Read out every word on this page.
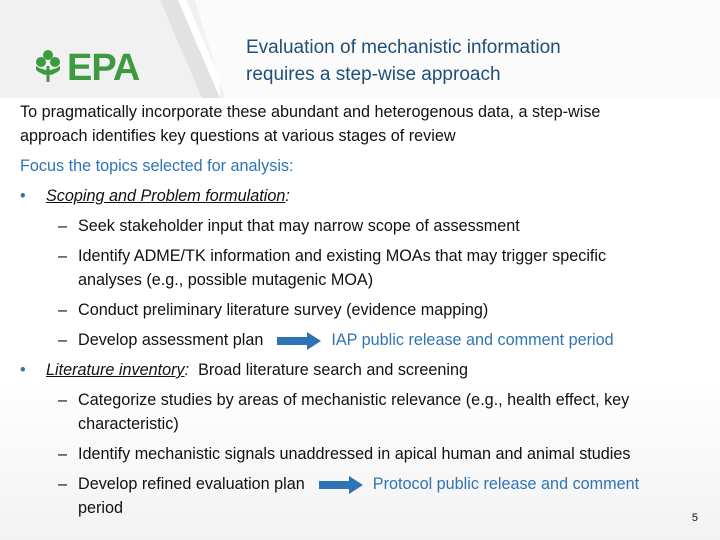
EPA	Evaluation of mechanistic information
requires a step-wise approach
To pragmatically incorporate these abundant and heterogenous data, a step-wise
approach identifies key questions at various stages of review
Focus the topics selected for analysis:
• Scoping and Problem formulation:
– Seek stakeholder input that may narrow scope of assessment
– Identify ADME/TK information and existing MOAs that may trigger specific
analyses (e.g., possible mutagenic MOA)
– Conduct preliminary literature survey (evidence mapping)
– Develop assessment plan	IAP public release and comment period
• Literature inventory: Broad literature search and screening
– Categorize studies by areas of mechanistic relevance (e.g., health effect, key
characteristic)
– Identify mechanistic signals unaddressed in apical human and animal studies
– Develop refined evaluation plan	Protocol public release and comment
period
5
